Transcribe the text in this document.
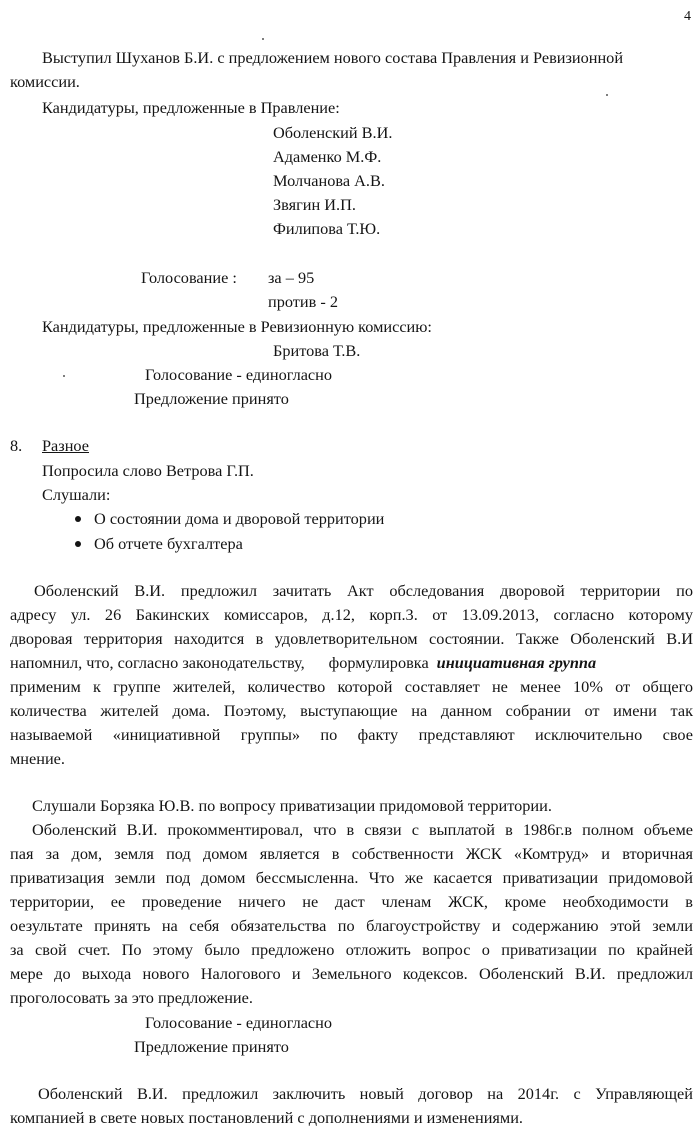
4
Выступил Шуханов Б.И. с предложением нового состава Правления и Ревизионной
комиссии.
Кандидатуры, предложенные в Правление:
Оболенский В.И.
Адаменко М.Ф.
Молчанова А.В.
Звягин И.П.
Филипова Т.Ю.
Голосование : за – 95
против - 2
Кандидатуры, предложенные в Ревизионную комиссию:
Бритова Т.В.
Голосование - единогласно
Предложение принято
8. Разное
Попросила слово Ветрова Г.П.
Слушали:
О состоянии дома и дворовой территории
Об отчете бухгалтера
Оболенский В.И. предложил зачитать Акт обследования дворовой территории по
адресу ул. 26 Бакинских комиссаров, д.12, корп.3. от 13.09.2013, согласно которому
дворовая территория находится в удовлетворительном состоянии. Также Оболенский В.И
напомнил, что, согласно законодательству, формулировка инициативная группа
применим к группе жителей, количество которой составляет не менее 10% от общего
количества жителей дома. Поэтому, выступающие на данном собрании от имени так
называемой «инициативной группы» по факту представляют исключительно свое
мнение.
Слушали Борзяка Ю.В. по вопросу приватизации придомовой территории.
Оболенский В.И. прокомментировал, что в связи с выплатой в 1986г.в полном объеме
пая за дом, земля под домом является в собственности ЖСК «Комтруд» и вторичная
приватизация земли под домом бессмысленна. Что же касается приватизации придомовой
территории, ее проведение ничего не даст членам ЖСК, кроме необходимости в
оезультате принять на себя обязательства по благоустройству и содержанию этой земли
за свой счет. По этому было предложено отложить вопрос о приватизации по крайней
мере до выхода нового Налогового и Земельного кодексов. Оболенский В.И. предложил
проголосовать за это предложение.
Голосование - единогласно
Предложение принято
Оболенский В.И. предложил заключить новый договор на 2014г. с Управляющей
компанией в свете новых постановлений с дополнениями и изменениями.
